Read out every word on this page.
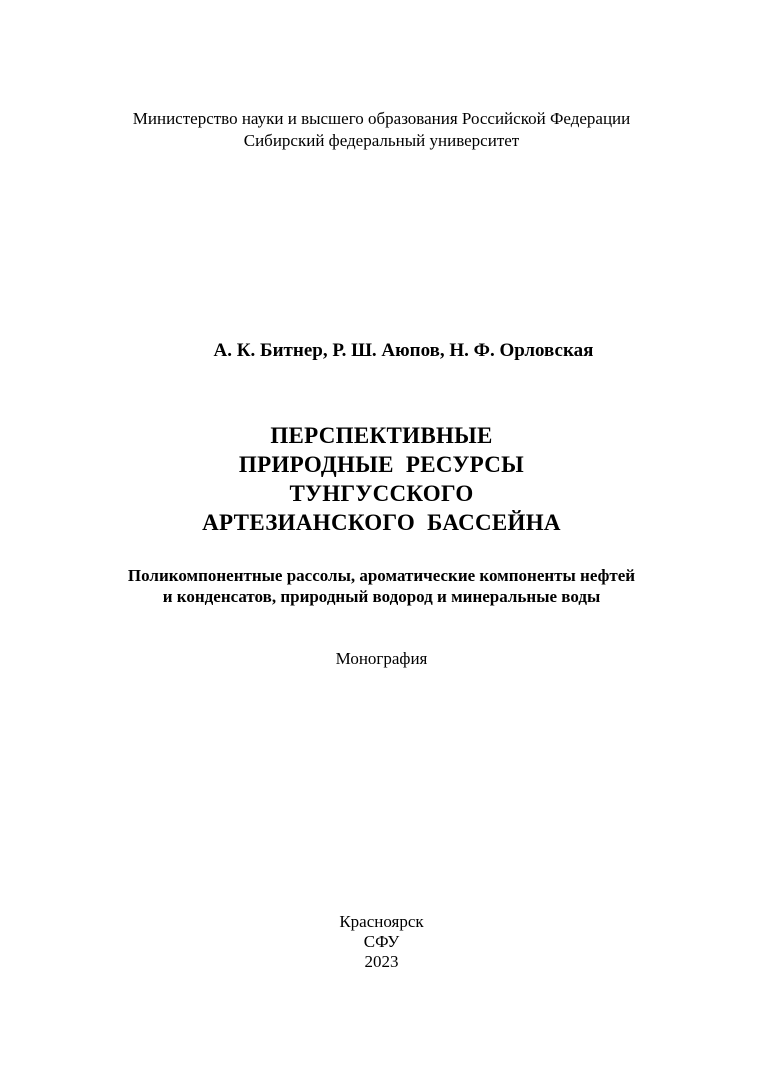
Министерство науки и высшего образования Российской Федерации
Сибирский федеральный университет
А. К. Битнер, Р. Ш. Аюпов, Н. Ф. Орловская
ПЕРСПЕКТИВНЫЕ
ПРИРОДНЫЕ  РЕСУРСЫ
ТУНГУССКОГО
АРТЕЗИАНСКОГО  БАССЕЙНА
Поликомпонентные рассолы, ароматические компоненты нефтей
и конденсатов, природный водород и минеральные воды
Монография
Красноярск
СФУ
2023
